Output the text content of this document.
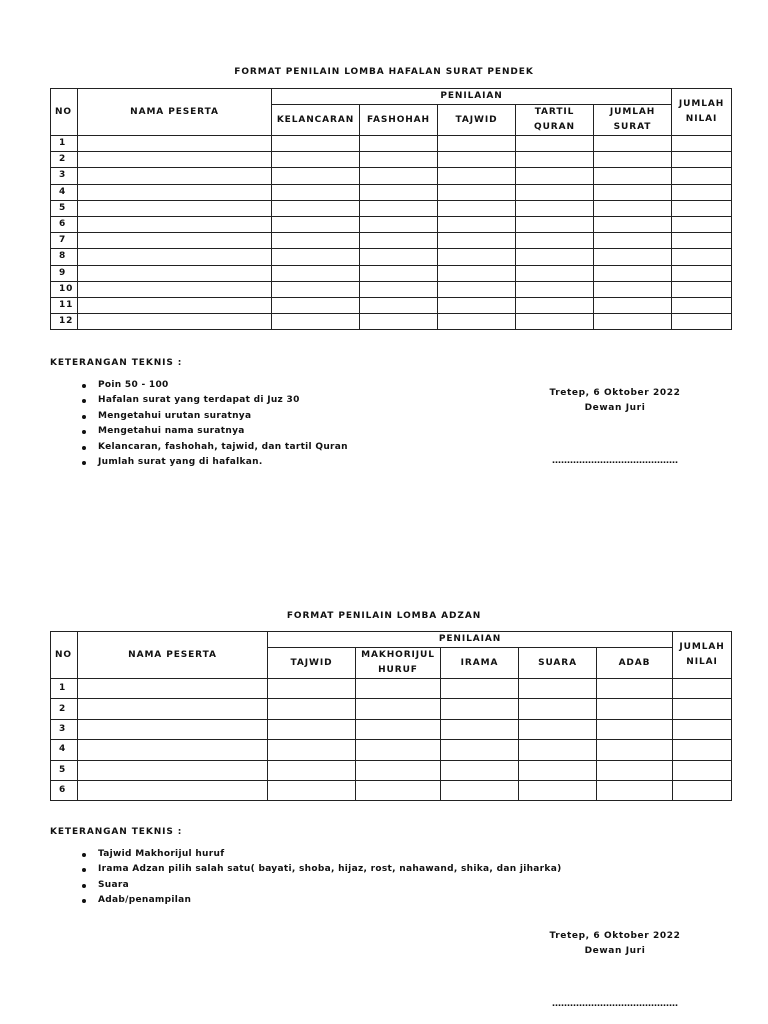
FORMAT PENILAIN LOMBA HAFALAN SURAT PENDEK
NO	NAMA PESERTA	PENILAIAN					JUMLAH NILAI
		KELANCARAN	FASHOHAH	TAJWID	TARTIL QURAN	JUMLAH SURAT	
1							
2							
3							
4							
5							
6							
7							
8							
9							
10							
11							
12							
KETERANGAN TEKNIS :
Poin 50 - 100
Hafalan surat yang terdapat di Juz 30
Mengetahui urutan suratnya
Mengetahui nama suratnya
Kelancaran, fashohah, tajwid, dan tartil Quran
Jumlah surat yang di hafalkan.
Tretep, 6 Oktober 2022
Dewan Juri
……………………………………
FORMAT PENILAIN LOMBA ADZAN
NO	NAMA PESERTA	PENILAIAN					JUMLAH NILAI
		TAJWID	MAKHORIJUL HURUF	IRAMA	SUARA	ADAB	
1							
2							
3							
4							
5							
6							
KETERANGAN TEKNIS :
Tajwid Makhorijul huruf
Irama Adzan pilih salah satu( bayati, shoba, hijaz, rost, nahawand, shika, dan jiharka)
Suara
Adab/penampilan
Tretep, 6 Oktober 2022
Dewan Juri
……………………………………
